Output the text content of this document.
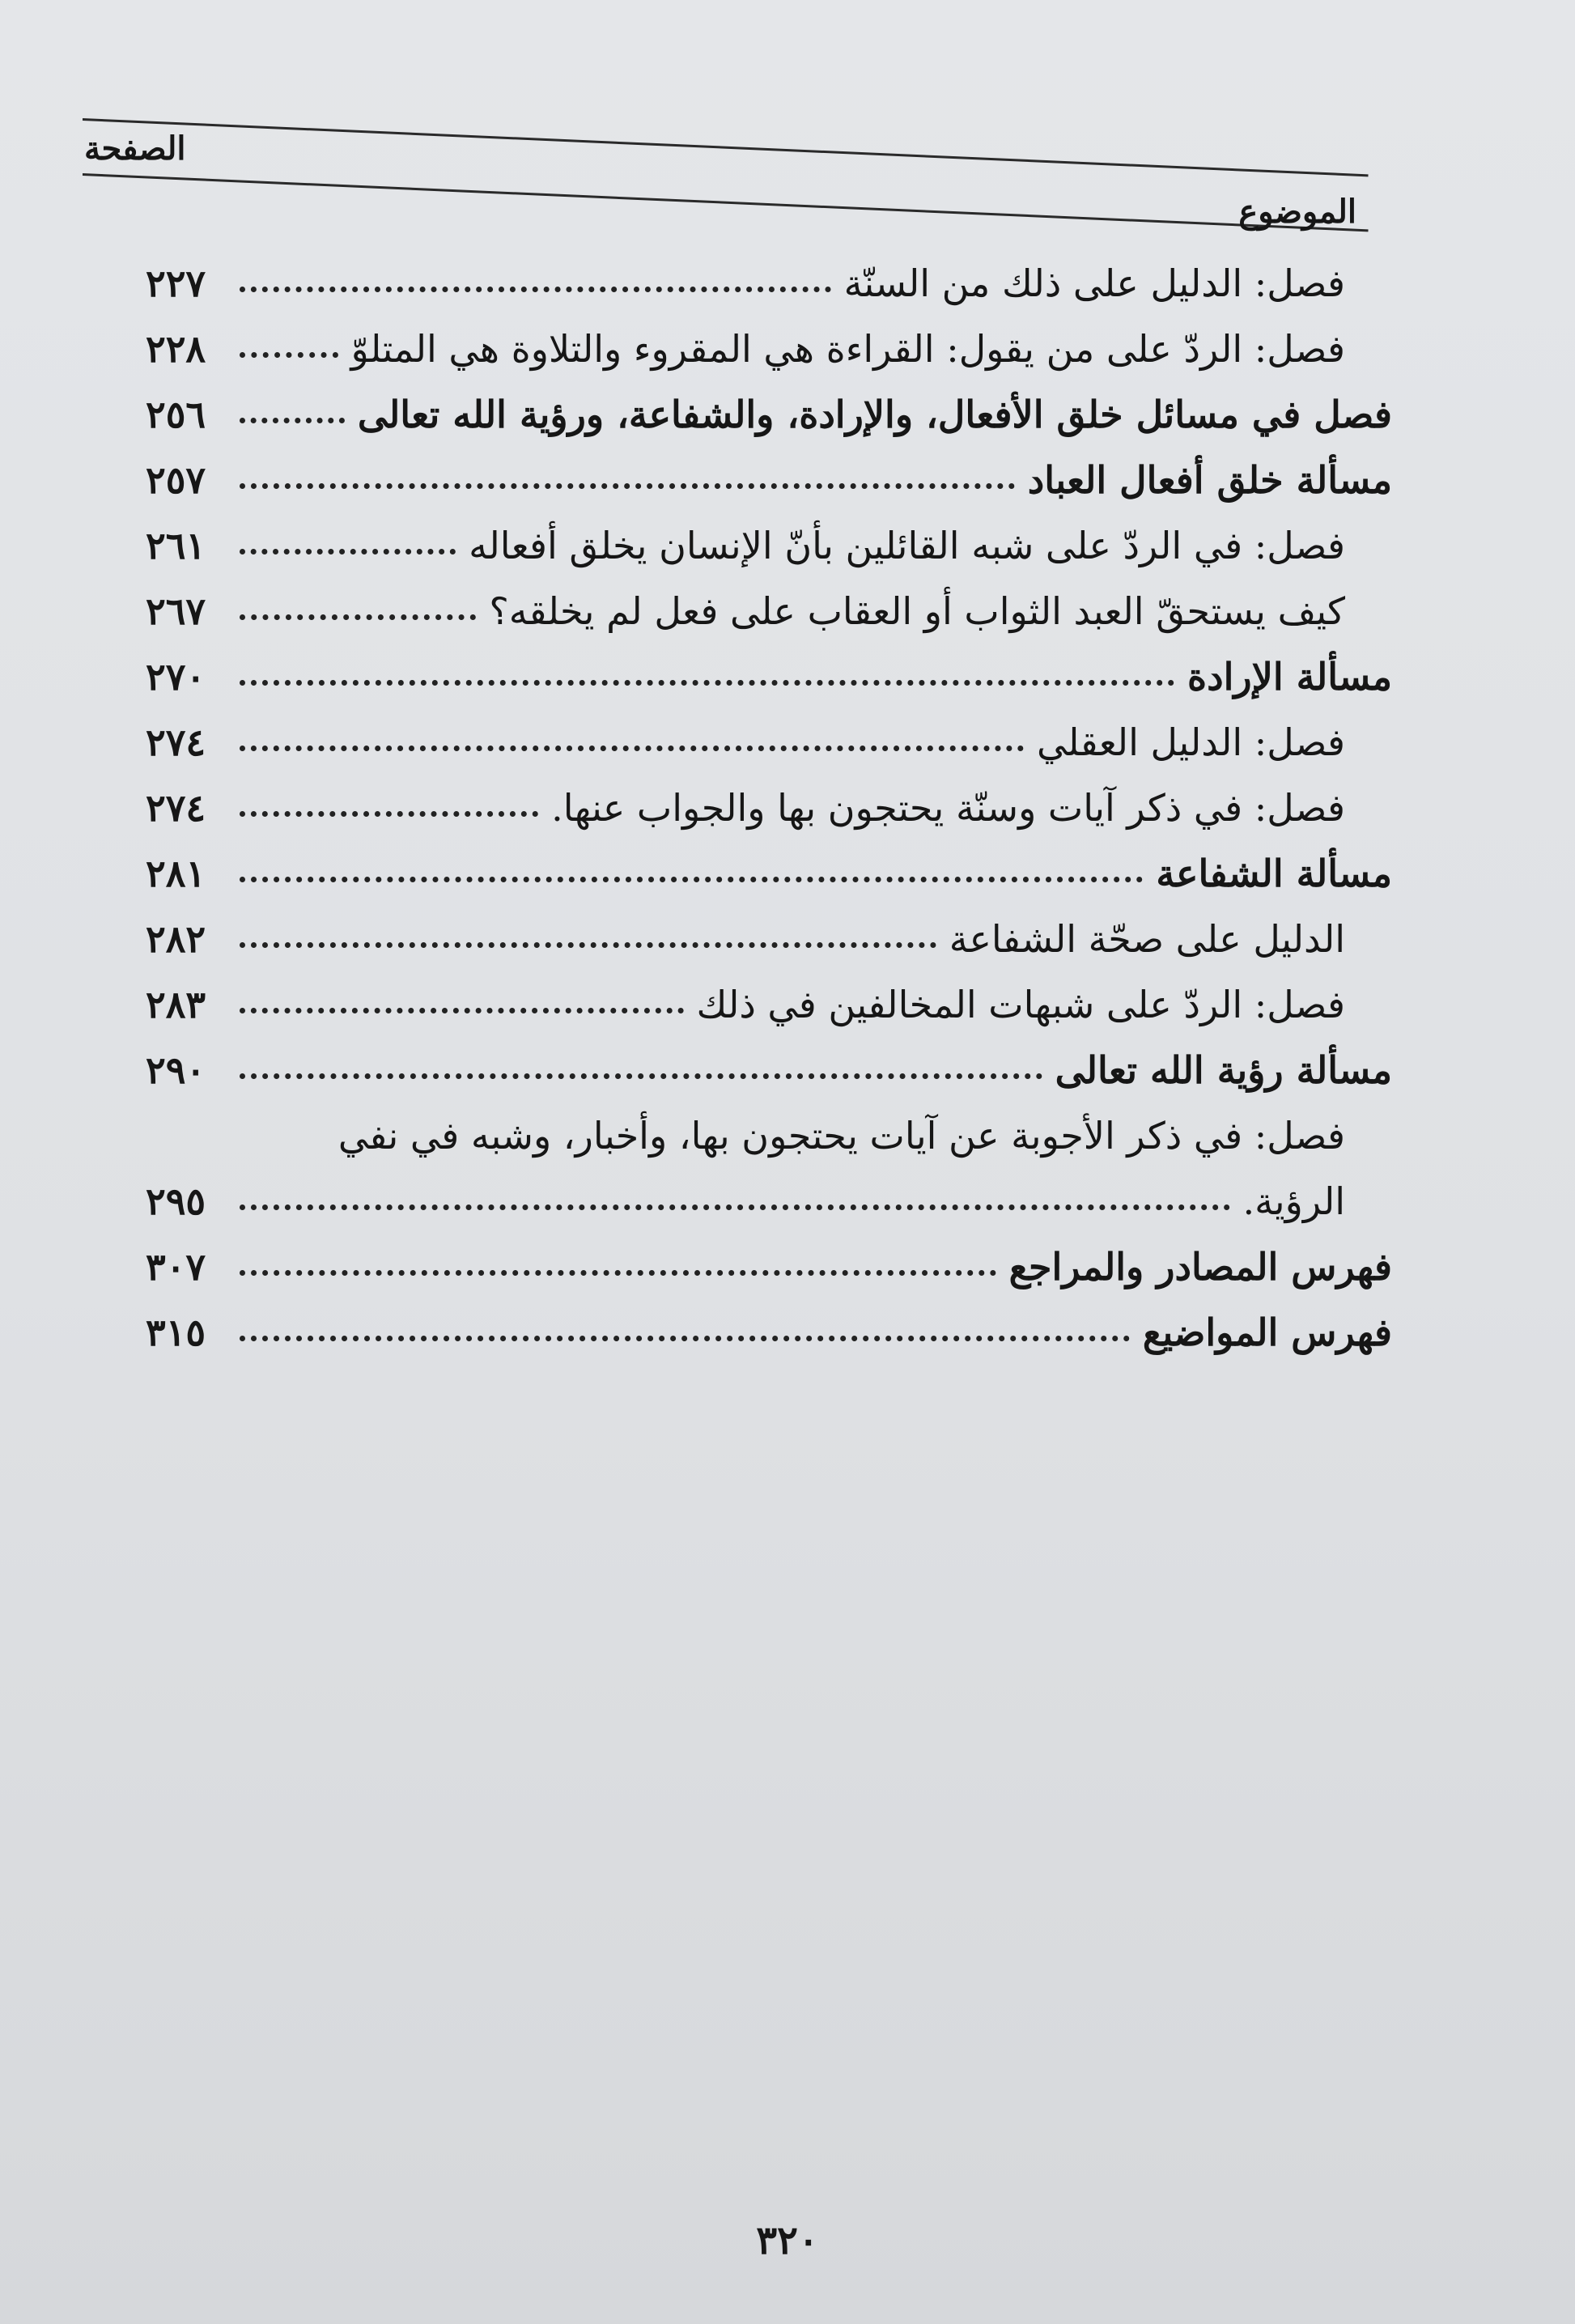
الصفحة
الموضوع
فصل: الدليل على ذلك من السنّة
٢٢٧
فصل: الردّ على من يقول: القراءة هي المقروء والتلاوة هي المتلوّ
٢٢٨
فصل في مسائل خلق الأفعال، والإرادة، والشفاعة، ورؤية الله تعالى
٢٥٦
مسألة خلق أفعال العباد
٢٥٧
فصل: في الردّ على شبه القائلين بأنّ الإنسان يخلق أفعاله
٢٦١
كيف يستحقّ العبد الثواب أو العقاب على فعل لم يخلقه؟
٢٦٧
مسألة الإرادة
٢٧٠
فصل: الدليل العقلي
٢٧٤
فصل: في ذكر آيات وسنّة يحتجون بها والجواب عنها.
٢٧٤
مسألة الشفاعة
٢٨١
الدليل على صحّة الشفاعة
٢٨٢
فصل: الردّ على شبهات المخالفين في ذلك
٢٨٣
مسألة رؤية الله تعالى
٢٩٠
فصل: في ذكر الأجوبة عن آيات يحتجون بها، وأخبار، وشبه في نفي
الرؤية.
٢٩٥
فهرس المصادر والمراجع
٣٠٧
فهرس المواضيع
٣١٥
٣٢٠
